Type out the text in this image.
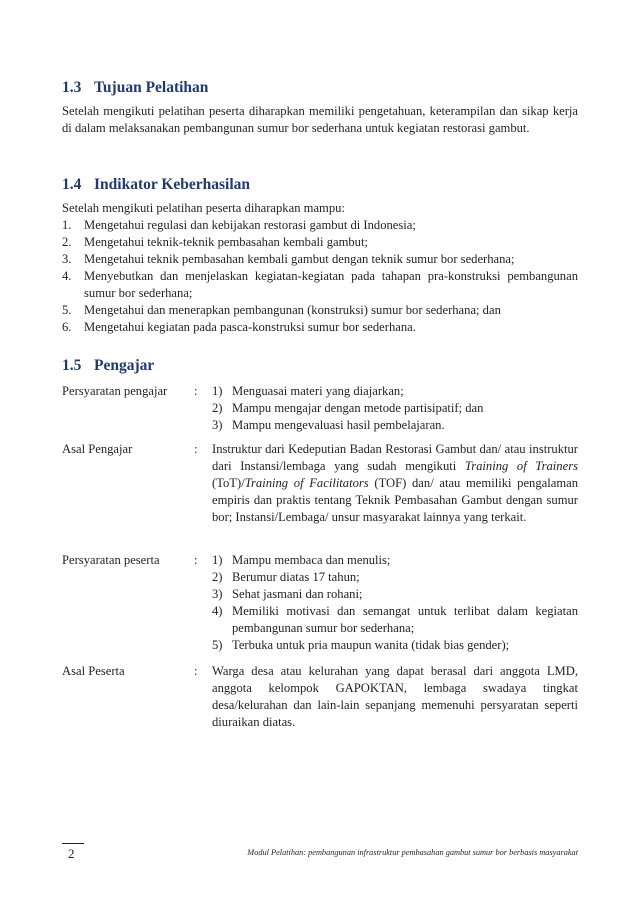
1.3 Tujuan Pelatihan
Setelah mengikuti pelatihan peserta diharapkan memiliki pengetahuan, keterampilan dan sikap kerja di dalam melaksanakan pembangunan sumur bor sederhana untuk kegiatan restorasi gambut.
1.4 Indikator Keberhasilan
Setelah mengikuti pelatihan peserta diharapkan mampu:
1. Mengetahui regulasi dan kebijakan restorasi gambut di Indonesia;
2. Mengetahui teknik-teknik pembasahan kembali gambut;
3. Mengetahui teknik pembasahan kembali gambut dengan teknik sumur bor sederhana;
4. Menyebutkan dan menjelaskan kegiatan-kegiatan pada tahapan pra-konstruksi pembangunan sumur bor sederhana;
5. Mengetahui dan menerapkan pembangunan (konstruksi) sumur bor sederhana; dan
6. Mengetahui kegiatan pada pasca-konstruksi sumur bor sederhana.
1.5 Pengajar
Persyaratan pengajar	: 1) Menguasai materi yang diajarkan;
2) Mampu mengajar dengan metode partisipatif; dan
3) Mampu mengevaluasi hasil pembelajaran.
Asal Pengajar	: Instruktur dari Kedeputian Badan Restorasi Gambut dan/ atau instruktur dari Instansi/lembaga yang sudah mengikuti Training of Trainers (ToT)/Training of Facilitators (TOF) dan/ atau memiliki pengalaman empiris dan praktis tentang Teknik Pembasahan Gambut dengan sumur bor; Instansi/Lembaga/ unsur masyarakat lainnya yang terkait.
Persyaratan peserta	: 1) Mampu membaca dan menulis;
2) Berumur diatas 17 tahun;
3) Sehat jasmani dan rohani;
4) Memiliki motivasi dan semangat untuk terlibat dalam kegiatan pembangunan sumur bor sederhana;
5) Terbuka untuk pria maupun wanita (tidak bias gender);
Asal Peserta	: Warga desa atau kelurahan yang dapat berasal dari anggota LMD, anggota kelompok GAPOKTAN, lembaga swadaya tingkat desa/kelurahan dan lain-lain sepanjang memenuhi persyaratan seperti diuraikan diatas.
2	Modul Pelatihan: pembangunan infrastruktur pembasahan gambut sumur bor berbasis masyarakat
